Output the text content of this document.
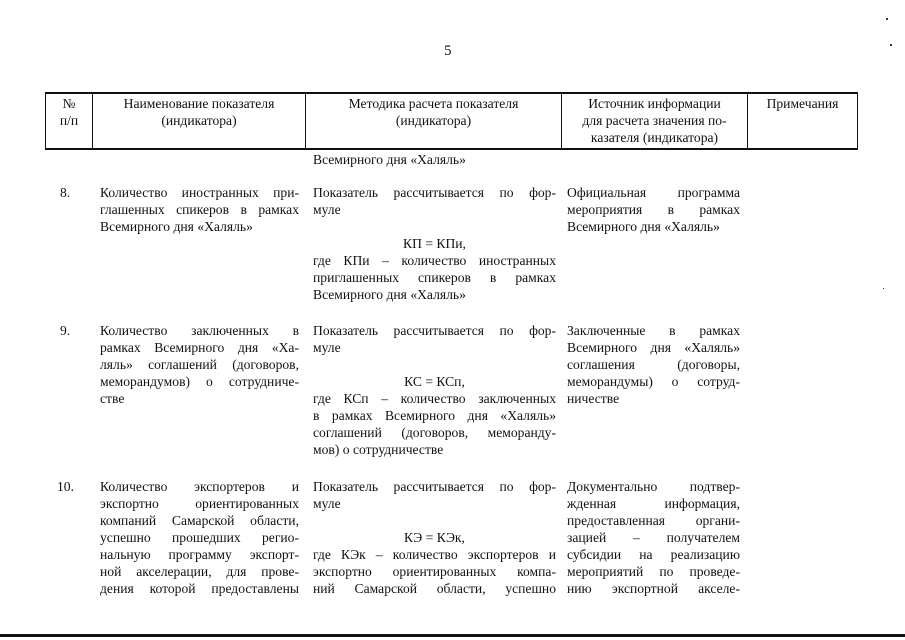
5
№
п/п
Наименование показателя
(индикатора)
Методика расчета показателя
(индикатора)
Источник информации
для расчета значения по-
казателя (индикатора)
Примечания
Всемирного дня «Халяль»
8. Количество иностранных при-
глашенных спикеров в рамках
Всемирного дня «Халяль»
Показатель рассчитывается по фор-
муле
КП = КПи,
где КПи – количество иностранных
приглашенных спикеров в рамках
Всемирного дня «Халяль»
Официальная программа
мероприятия в рамках
Всемирного дня «Халяль»
9. Количество заключенных в
рамках Всемирного дня «Ха-
ляль» соглашений (договоров,
меморандумов) о сотрудниче-
стве
Показатель рассчитывается по фор-
муле
КС = КСп,
где КСп – количество заключенных
в рамках Всемирного дня «Халяль»
соглашений (договоров, меморанду-
мов) о сотрудничестве
Заключенные в рамках
Всемирного дня «Халяль»
соглашения (договоры,
меморандумы) о сотруд-
ничестве
10. Количество экспортеров и
экспортно ориентированных
компаний Самарской области,
успешно прошедших регио-
нальную программу экспорт-
ной акселерации, для прове-
дения которой предоставлены
Показатель рассчитывается по фор-
муле
КЭ = КЭк,
где КЭк – количество экспортеров и
экспортно ориентированных компа-
ний Самарской области, успешно
Документально подтвер-
жденная информация,
предоставленная органи-
зацией – получателем
субсидии на реализацию
мероприятий по проведе-
нию экспортной акселе-
